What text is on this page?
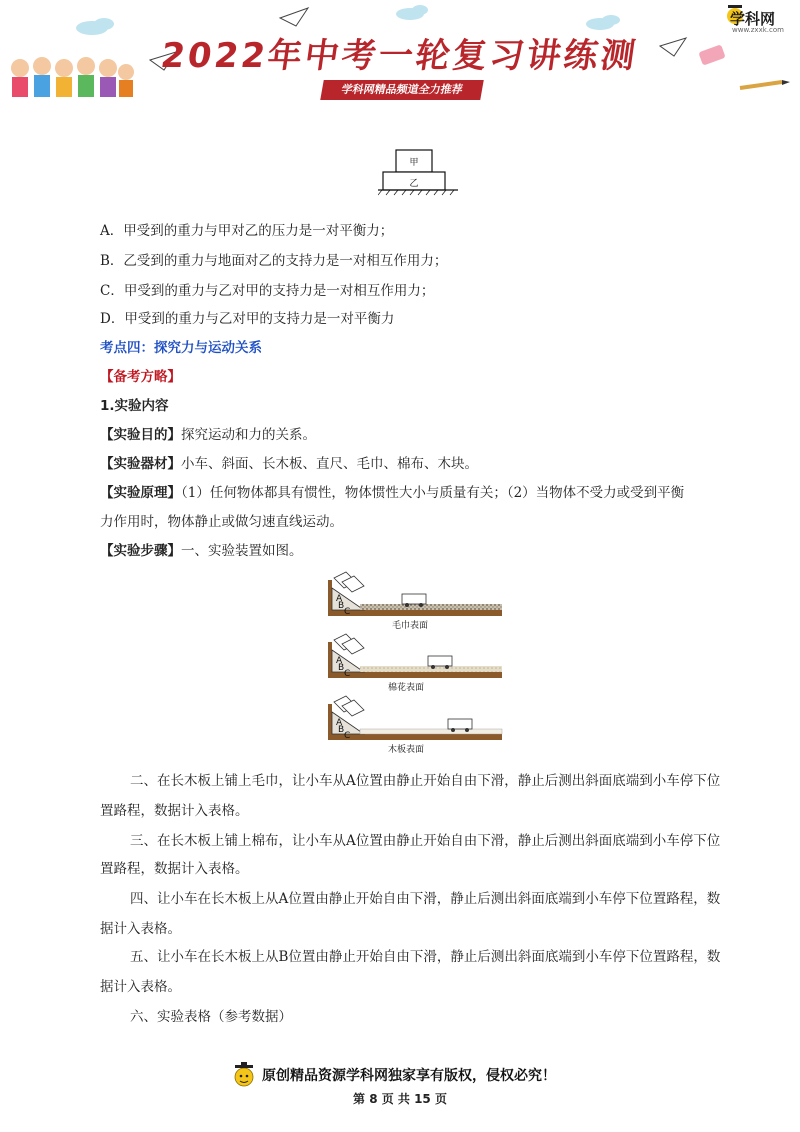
2022年中考一轮复习讲练测
学科网精品频道全力推荐
学科网
www.zxxk.com
甲
乙
A．甲受到的重力与甲对乙的压力是一对平衡力；
B．乙受到的重力与地面对乙的支持力是一对相互作用力；
C．甲受到的重力与乙对甲的支持力是一对相互作用力；
D．甲受到的重力与乙对甲的支持力是一对平衡力
考点四：探究力与运动关系
【备考方略】
1.实验内容
【实验目的】探究运动和力的关系。
【实验器材】小车、斜面、长木板、直尺、毛巾、棉布、木块。
【实验原理】（1）任何物体都具有惯性，物体惯性大小与质量有关；（2）当物体不受力或受到平衡
力作用时，物体静止或做匀速直线运动。
【实验步骤】一、实验装置如图。
A
B
C
毛巾表面
A
B
C
棉花表面
A
B
C
木板表面
二、在长木板上铺上毛巾，让小车从A位置由静止开始自由下滑，静止后测出斜面底端到小车停下位
置路程，数据计入表格。
三、在长木板上铺上棉布，让小车从A位置由静止开始自由下滑，静止后测出斜面底端到小车停下位
置路程，数据计入表格。
四、让小车在长木板上从A位置由静止开始自由下滑，静止后测出斜面底端到小车停下位置路程，数
据计入表格。
五、让小车在长木板上从B位置由静止开始自由下滑，静止后测出斜面底端到小车停下位置路程，数
据计入表格。
六、实验表格（参考数据）
原创精品资源学科网独家享有版权，侵权必究！
第 8 页 共 15 页
